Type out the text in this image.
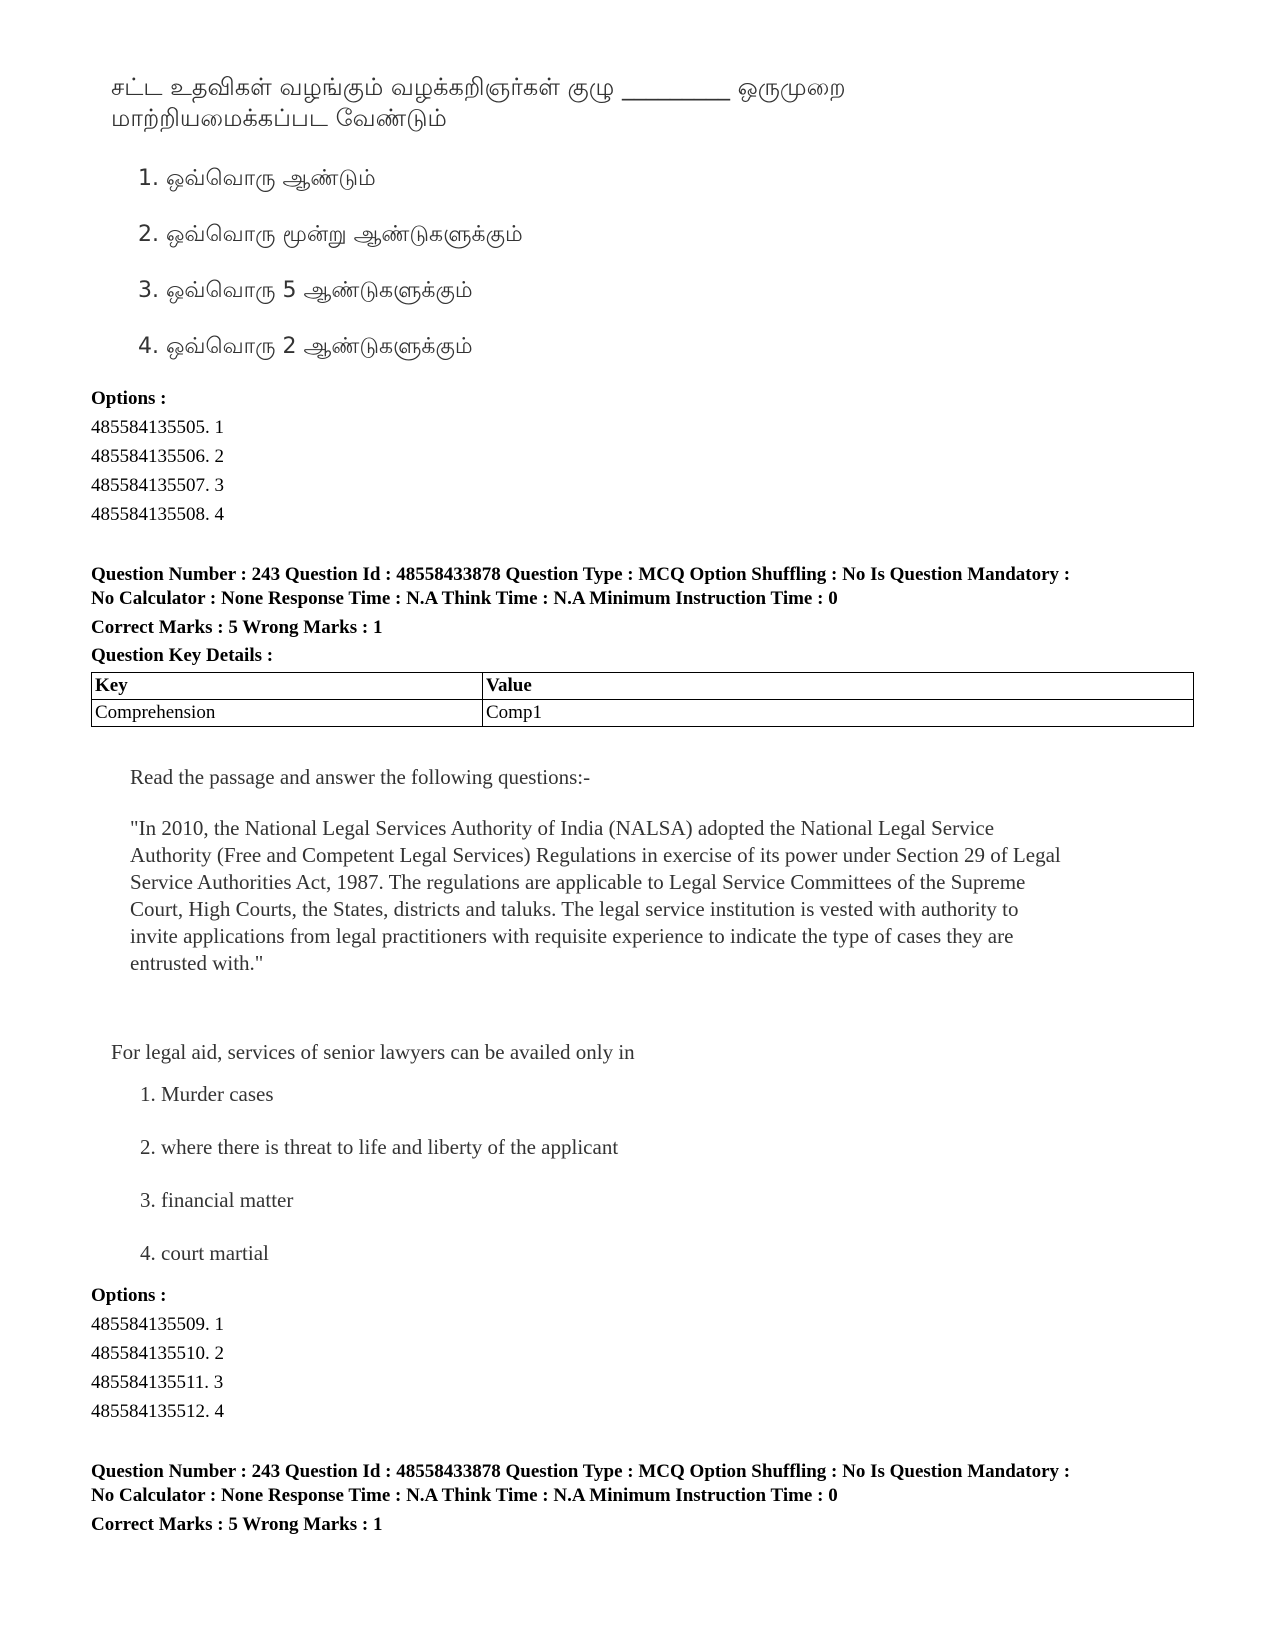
சட்ட உதவிகள் வழங்கும் வழக்கறிஞர்கள் குழு _________ ஒருமுறை
மாற்றியமைக்கப்பட வேண்டும்
1. ஒவ்வொரு ஆண்டும்
2. ஒவ்வொரு மூன்று ஆண்டுகளுக்கும்
3. ஒவ்வொரு 5 ஆண்டுகளுக்கும்
4. ஒவ்வொரு 2 ஆண்டுகளுக்கும்
Options :
485584135505. 1
485584135506. 2
485584135507. 3
485584135508. 4
Question Number : 243 Question Id : 48558433878 Question Type : MCQ Option Shuffling : No Is Question Mandatory :
No Calculator : None Response Time : N.A Think Time : N.A Minimum Instruction Time : 0
Correct Marks : 5 Wrong Marks : 1
Question Key Details :
Key	Value
Comprehension	Comp1
Read the passage and answer the following questions:-
"In 2010, the National Legal Services Authority of India (NALSA) adopted the National Legal Service
Authority (Free and Competent Legal Services) Regulations in exercise of its power under Section 29 of Legal
Service Authorities Act, 1987. The regulations are applicable to Legal Service Committees of the Supreme
Court, High Courts, the States, districts and taluks. The legal service institution is vested with authority to
invite applications from legal practitioners with requisite experience to indicate the type of cases they are
entrusted with."
For legal aid, services of senior lawyers can be availed only in
1. Murder cases
2. where there is threat to life and liberty of the applicant
3. financial matter
4. court martial
Options :
485584135509. 1
485584135510. 2
485584135511. 3
485584135512. 4
Question Number : 243 Question Id : 48558433878 Question Type : MCQ Option Shuffling : No Is Question Mandatory :
No Calculator : None Response Time : N.A Think Time : N.A Minimum Instruction Time : 0
Correct Marks : 5 Wrong Marks : 1
